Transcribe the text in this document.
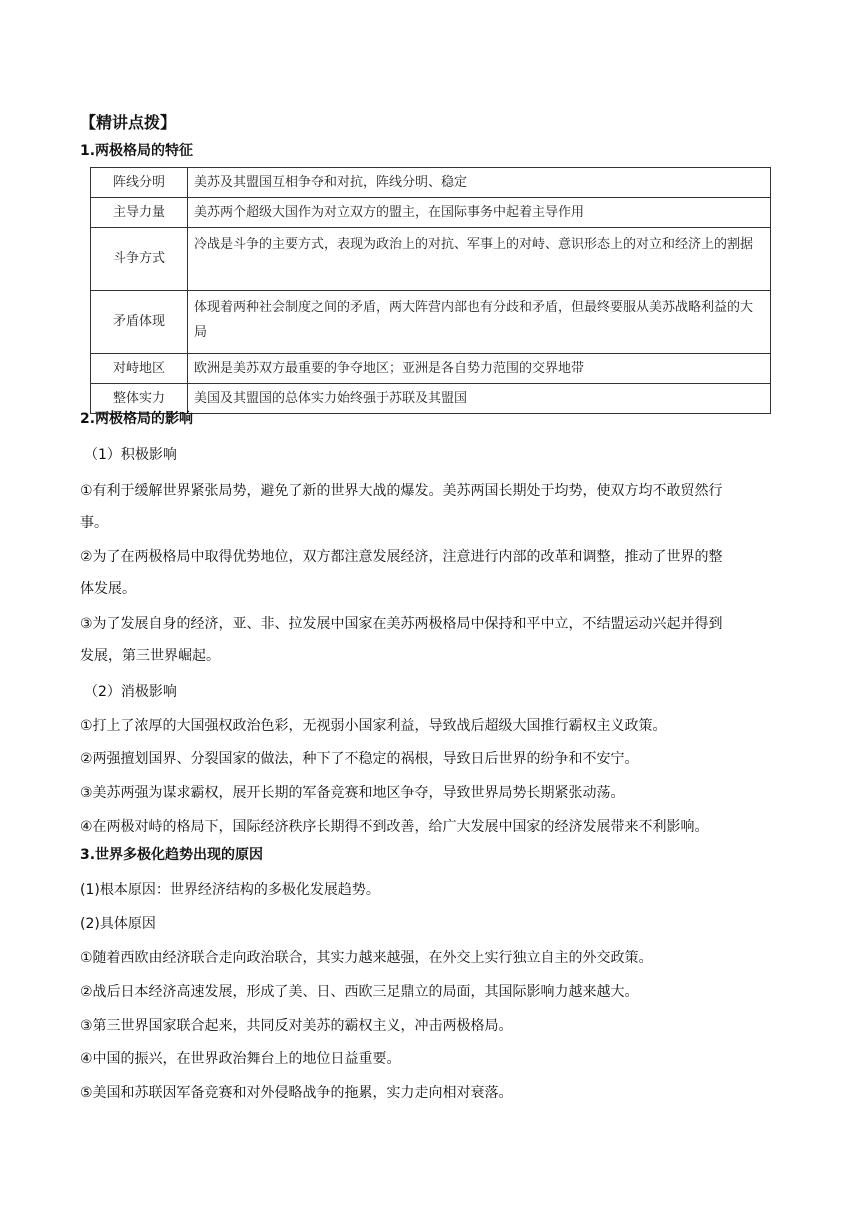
【精讲点拨】
1.两极格局的特征
阵线分明	美苏及其盟国互相争夺和对抗，阵线分明、稳定
主导力量	美苏两个超级大国作为对立双方的盟主，在国际事务中起着主导作用
斗争方式	冷战是斗争的主要方式，表现为政治上的对抗、军事上的对峙、意识形态上的对立和经济上的割据
矛盾体现	体现着两种社会制度之间的矛盾，两大阵营内部也有分歧和矛盾，但最终要服从美苏战略利益的大局
对峙地区	欧洲是美苏双方最重要的争夺地区；亚洲是各自势力范围的交界地带
整体实力	美国及其盟国的总体实力始终强于苏联及其盟国
2.两极格局的影响
（1）积极影响
①有利于缓解世界紧张局势，避免了新的世界大战的爆发。美苏两国长期处于均势，使双方均不敢贸然行
事。
②为了在两极格局中取得优势地位，双方都注意发展经济，注意进行内部的改革和调整，推动了世界的整
体发展。
③为了发展自身的经济，亚、非、拉发展中国家在美苏两极格局中保持和平中立，不结盟运动兴起并得到
发展，第三世界崛起。
（2）消极影响
①打上了浓厚的大国强权政治色彩，无视弱小国家利益，导致战后超级大国推行霸权主义政策。
②两强擅划国界、分裂国家的做法，种下了不稳定的祸根，导致日后世界的纷争和不安宁。
③美苏两强为谋求霸权，展开长期的军备竞赛和地区争夺，导致世界局势长期紧张动荡。
④在两极对峙的格局下，国际经济秩序长期得不到改善，给广大发展中国家的经济发展带来不利影响。
3.世界多极化趋势出现的原因
(1)根本原因：世界经济结构的多极化发展趋势。
(2)具体原因
①随着西欧由经济联合走向政治联合，其实力越来越强，在外交上实行独立自主的外交政策。
②战后日本经济高速发展，形成了美、日、西欧三足鼎立的局面，其国际影响力越来越大。
③第三世界国家联合起来，共同反对美苏的霸权主义，冲击两极格局。
④中国的振兴，在世界政治舞台上的地位日益重要。
⑤美国和苏联因军备竞赛和对外侵略战争的拖累，实力走向相对衰落。
